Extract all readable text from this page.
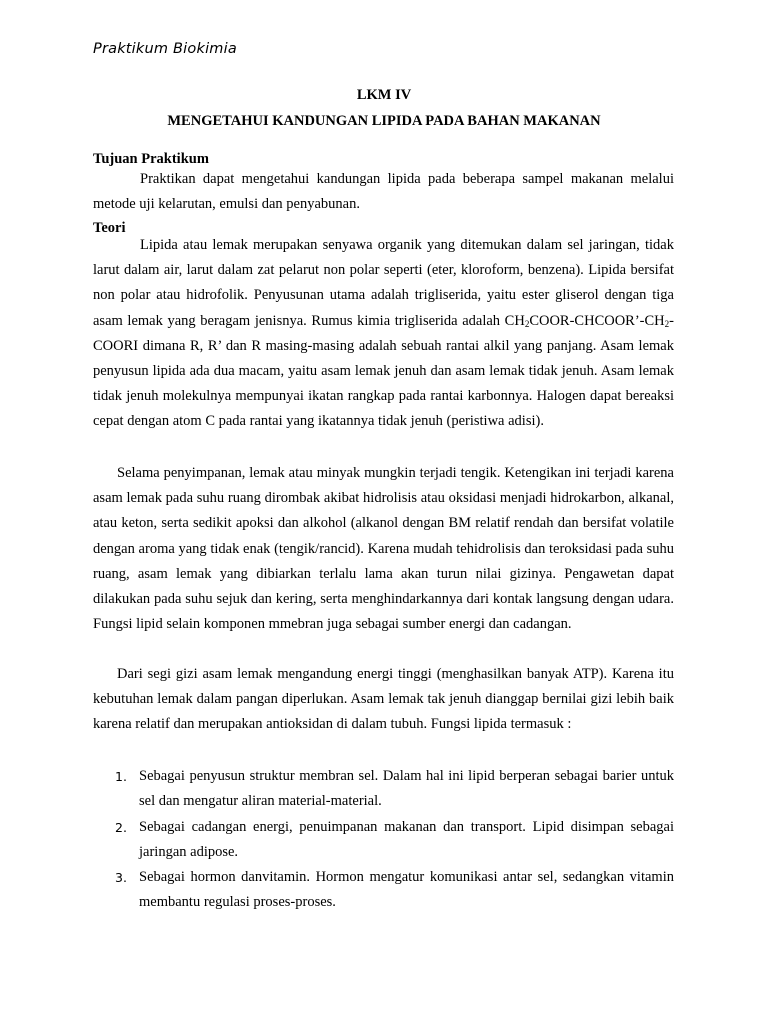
Praktikum Biokimia
LKM IV
MENGETAHUI KANDUNGAN LIPIDA PADA BAHAN MAKANAN
Tujuan Praktikum

Praktikan dapat mengetahui kandungan lipida pada beberapa sampel makanan melalui metode uji kelarutan, emulsi dan penyabunan.

Teori

Lipida atau lemak merupakan senyawa organik yang ditemukan dalam sel jaringan, tidak larut dalam air, larut dalam zat pelarut non polar seperti (eter, kloroform, benzena). Lipida bersifat non polar atau hidrofolik. Penyusunan utama adalah trigliserida, yaitu ester gliserol dengan tiga asam lemak yang beragam jenisnya. Rumus kimia trigliserida adalah $CH_2COOR-CHCOOR’-CH_2$-COORI dimana R, R’ dan R masing-masing adalah sebuah rantai alkil yang panjang. Asam lemak penyusun lipida ada dua macam, yaitu asam lemak jenuh dan asam lemak tidak jenuh. Asam lemak tidak jenuh molekulnya mempunyai ikatan rangkap pada rantai karbonnya. Halogen dapat bereaksi cepat dengan atom C pada rantai yang ikatannya tidak jenuh (peristiwa adisi).

Selama penyimpanan, lemak atau minyak mungkin terjadi tengik. Ketengikan ini terjadi karena asam lemak pada suhu ruang dirombak akibat hidrolisis atau oksidasi menjadi hidrokarbon, alkanal, atau keton, serta sedikit apoksi dan alkohol (alkanol dengan BM relatif rendah dan bersifat volatile dengan aroma yang tidak enak (tengik/rancid). Karena mudah tehidrolisis dan teroksidasi pada suhu ruang, asam lemak yang dibiarkan terlalu lama akan turun nilai gizinya. Pengawetan dapat dilakukan pada suhu sejuk dan kering, serta menghindarkannya dari kontak langsung dengan udara. Fungsi lipid selain komponen mmebran juga sebagai sumber energi dan cadangan.

Dari segi gizi asam lemak mengandung energi tinggi (menghasilkan banyak ATP). Karena itu kebutuhan lemak dalam pangan diperlukan. Asam lemak tak jenuh dianggap bernilai gizi lebih baik karena relatif dan merupakan antioksidan di dalam tubuh. Fungsi lipida termasuk :

1. Sebagai penyusun struktur membran sel. Dalam hal ini lipid berperan sebagai barier untuk sel dan mengatur aliran material-material.
2. Sebagai cadangan energi, penuimpanan makanan dan transport. Lipid disimpan sebagai jaringan adipose.
3. Sebagai hormon danvitamin. Hormon mengatur komunikasi antar sel, sedangkan vitamin membantu regulasi proses-proses.
